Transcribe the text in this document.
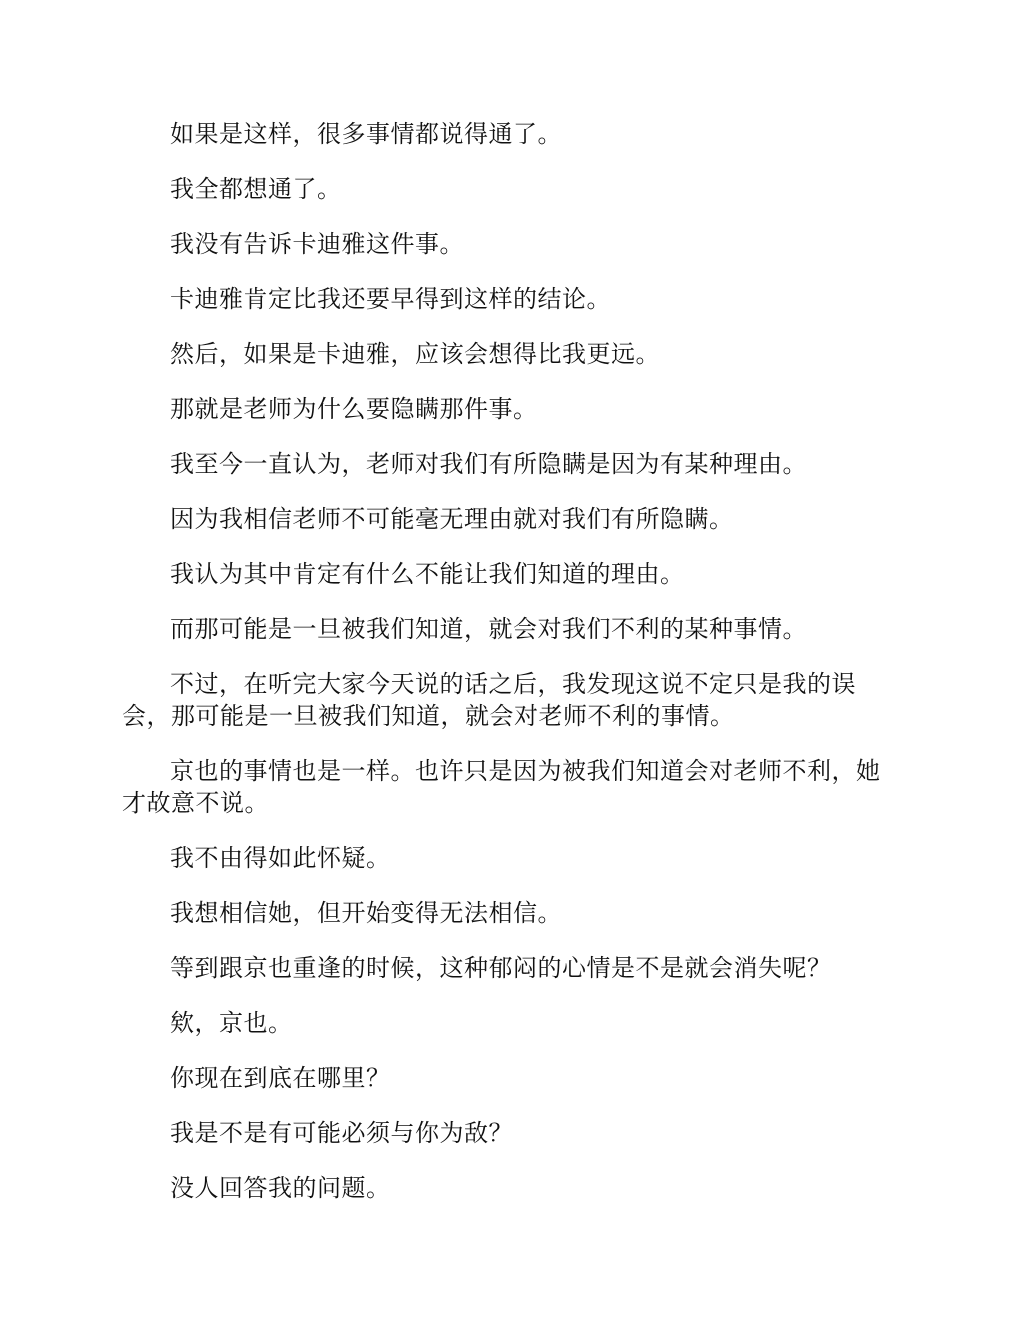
如果是这样，很多事情都说得通了。

我全都想通了。

我没有告诉卡迪雅这件事。

卡迪雅肯定比我还要早得到这样的结论。

然后，如果是卡迪雅，应该会想得比我更远。

那就是老师为什么要隐瞒那件事。

我至今一直认为，老师对我们有所隐瞒是因为有某种理由。

因为我相信老师不可能毫无理由就对我们有所隐瞒。

我认为其中肯定有什么不能让我们知道的理由。

而那可能是一旦被我们知道，就会对我们不利的某种事情。

不过，在听完大家今天说的话之后，我发现这说不定只是我的误会，那可能是一旦被我们知道，就会对老师不利的事情。

京也的事情也是一样。也许只是因为被我们知道会对老师不利，她才故意不说。

我不由得如此怀疑。

我想相信她，但开始变得无法相信。

等到跟京也重逢的时候，这种郁闷的心情是不是就会消失呢？

欸，京也。

你现在到底在哪里？

我是不是有可能必须与你为敌？

没人回答我的问题。
